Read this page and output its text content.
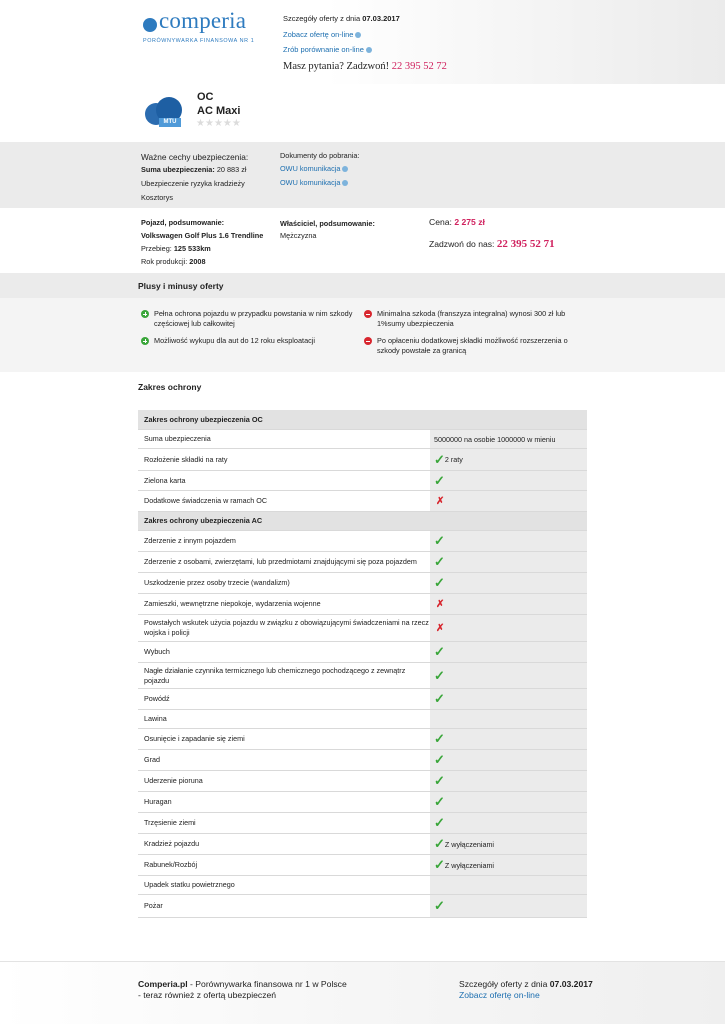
comperia
PORÓWNYWARKA FINANSOWA NR 1
Szczegóły oferty z dnia 07.03.2017
Zobacz ofertę on-line
Zrób porównanie on-line
Masz pytania? Zadzwoń! 22 395 52 72
MTU
OC
AC Maxi
★★★★★
Ważne cechy ubezpieczenia:
Suma ubezpieczenia: 20 883 zł
Ubezpieczenie ryzyka kradzieży
Kosztorys
Dokumenty do pobrania:
OWU komunikacja
OWU komunikacja
Pojazd, podsumowanie:
Volkswagen Golf Plus 1.6 Trendline
Przebieg: 125 533km
Rok produkcji: 2008
Właściciel, podsumowanie:
Mężczyzna
Cena: 2 275 zł
Zadzwoń do nas: 22 395 52 71
Plusy i minusy oferty
Pełna ochrona pojazdu w przypadku powstania w nim szkody
częściowej lub całkowitej
Możliwość wykupu dla aut do 12 roku eksploatacji
Minimalna szkoda (franszyza integralna) wynosi 300 zł lub
1%sumy ubezpieczenia
Po opłaceniu dodatkowej składki możliwość rozszerzenia o
szkody powstałe za granicą
Zakres ochrony
Zakres ochrony ubezpieczenia OC
Suma ubezpieczenia	5000000 na osobie 1000000 w mieniu
Rozłożenie składki na raty	✓ 2 raty
Zielona karta	✓
Dodatkowe świadczenia w ramach OC	✗
Zakres ochrony ubezpieczenia AC
Zderzenie z innym pojazdem	✓
Zderzenie z osobami, zwierzętami, lub przedmiotami znajdującymi się poza pojazdem	✓
Uszkodzenie przez osoby trzecie (wandalizm)	✓
Zamieszki, wewnętrzne niepokoje, wydarzenia wojenne	✗
Powstałych wskutek użycia pojazdu w związku z obowiązującymi świadczeniami na rzecz wojska i policji	✗
Wybuch	✓
Nagłe działanie czynnika termicznego lub chemicznego pochodzącego z zewnątrz pojazdu	✓
Powódź	✓
Lawina
Osunięcie i zapadanie się ziemi	✓
Grad	✓
Uderzenie pioruna	✓
Huragan	✓
Trzęsienie ziemi	✓
Kradzież pojazdu	✓ Z wyłączeniami
Rabunek/Rozbój	✓ Z wyłączeniami
Upadek statku powietrznego
Pożar	✓
Comperia.pl - Porównywarka finansowa nr 1 w Polsce
- teraz również z ofertą ubezpieczeń
Szczegóły oferty z dnia 07.03.2017
Zobacz ofertę on-line
